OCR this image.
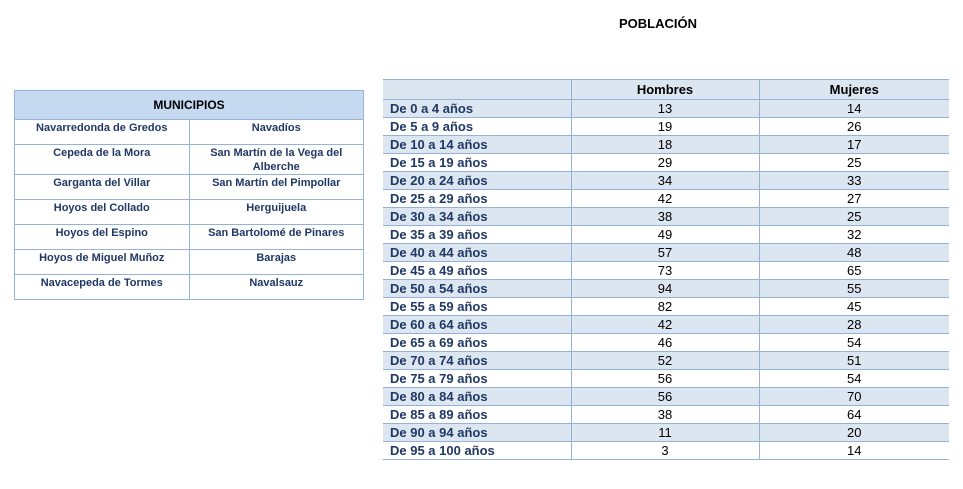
POBLACIÓN
MUNICIPIOS	
Navarredonda de Gredos	Navadíos
Cepeda de la Mora	San Martín de la Vega del Alberche
Garganta del Villar	San Martín del Pimpollar
Hoyos del Collado	Herguijuela
Hoyos del Espino	San Bartolomé de Pinares
Hoyos de Miguel Muñoz	Barajas
Navacepeda de Tormes	Navalsauz
	Hombres	Mujeres
De 0 a 4 años	13	14
De 5 a 9 años	19	26
De 10 a 14 años	18	17
De 15 a 19 años	29	25
De 20 a 24 años	34	33
De 25 a 29 años	42	27
De 30 a 34 años	38	25
De 35 a 39 años	49	32
De 40 a 44 años	57	48
De 45 a 49 años	73	65
De 50 a 54 años	94	55
De 55 a 59 años	82	45
De 60 a 64 años	42	28
De 65 a 69 años	46	54
De 70 a 74 años	52	51
De 75 a 79 años	56	54
De 80 a 84 años	56	70
De 85 a 89 años	38	64
De 90 a 94 años	11	20
De 95 a 100 años	3	14
